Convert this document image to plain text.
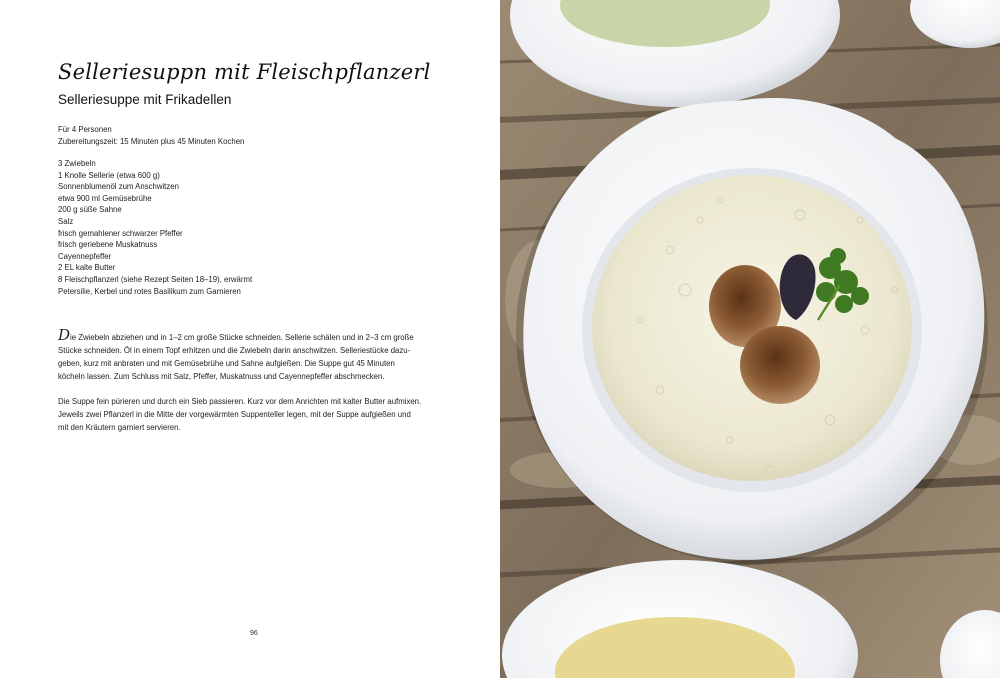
Selleriesuppn mit Fleischpflanzerl
Selleriesuppe mit Frikadellen
Für 4 Personen
Zubereitungszeit: 15 Minuten plus 45 Minuten Kochen
3 Zwiebeln
1 Knolle Sellerie (etwa 600 g)
Sonnenblumenöl zum Anschwitzen
etwa 900 ml Gemüsebrühe
200 g süße Sahne
Salz
frisch gemahlener schwarzer Pfeffer
frisch geriebene Muskatnuss
Cayennepfeffer
2 EL kalte Butter
8 Fleischpflanzerl (siehe Rezept Seiten 18–19), erwärmt
Petersilie, Kerbel und rotes Basilikum zum Garnieren
Die Zwiebeln abziehen und in 1–2 cm große Stücke schneiden. Sellerie schälen und in 2–3 cm große
Stücke schneiden. Öl in einem Topf erhitzen und die Zwiebeln darin anschwitzen. Selleriestücke dazu-
geben, kurz mit anbraten und mit Gemüsebrühe und Sahne aufgießen. Die Suppe gut 45 Minuten
köcheln lassen. Zum Schluss mit Salz, Pfeffer, Muskatnuss und Cayennepfeffer abschmecken.
Die Suppe fein pürieren und durch ein Sieb passieren. Kurz vor dem Anrichten mit kalter Butter aufmixen.
Jeweils zwei Pflanzerl in die Mitte der vorgewärmten Suppenteller legen, mit der Suppe aufgießen und
mit den Kräutern garniert servieren.
96
